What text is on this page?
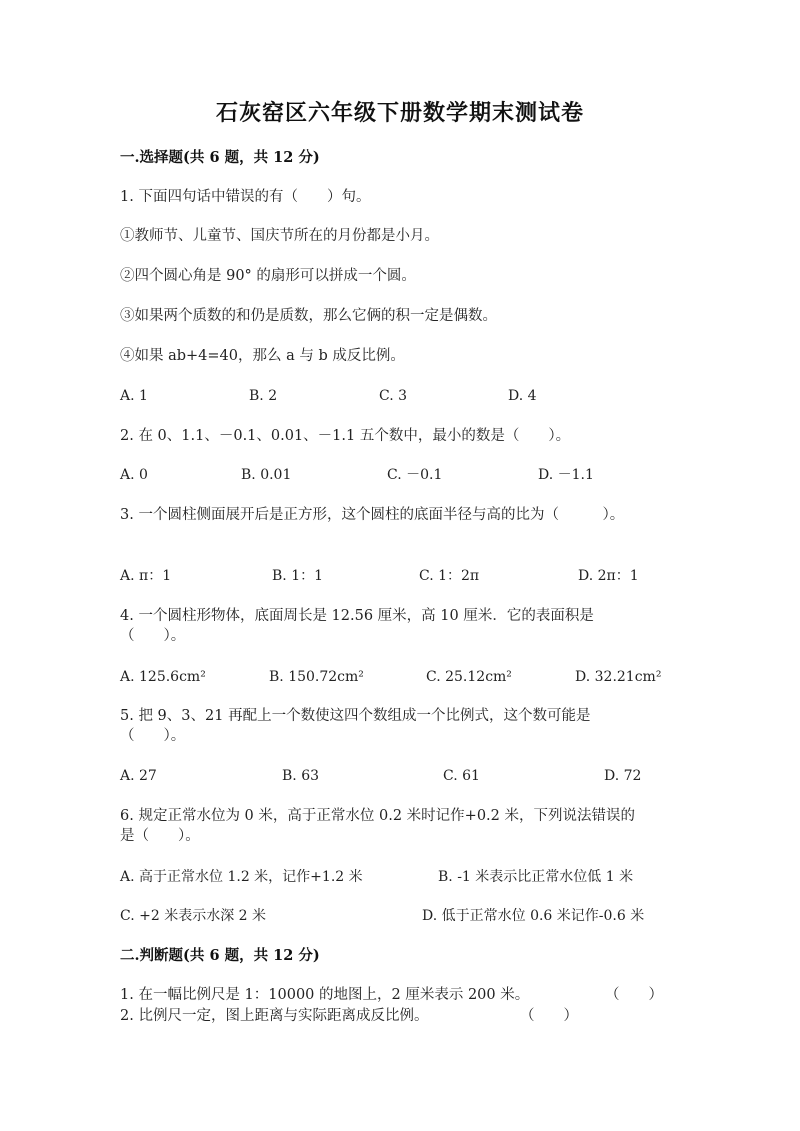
石灰窑区六年级下册数学期末测试卷
一.选择题(共 6 题，共 12 分)
1. 下面四句话中错误的有（　　）句。
①教师节、儿童节、国庆节所在的月份都是小月。
②四个圆心角是 90° 的扇形可以拼成一个圆。
③如果两个质数的和仍是质数，那么它俩的积一定是偶数。
④如果 ab+4=40，那么 a 与 b 成反比例。
A. 1	B. 2	C. 3	D. 4
2. 在 0、1.1、－0.1、0.01、－1.1 五个数中，最小的数是（　　）。
A. 0	B. 0.01	C. －0.1	D. －1.1
3. 一个圆柱侧面展开后是正方形，这个圆柱的底面半径与高的比为（　　　）。
A. π：1	B. 1：1	C. 1：2π	D. 2π：1
4. 一个圆柱形物体，底面周长是 12.56 厘米，高 10 厘米．它的表面积是
（　　）。
A. 125.6cm²	B. 150.72cm²	C. 25.12cm²	D. 32.21cm²
5. 把 9、3、21 再配上一个数使这四个数组成一个比例式，这个数可能是
（　　）。
A. 27	B. 63	C. 61	D. 72
6. 规定正常水位为 0 米，高于正常水位 0.2 米时记作+0.2 米，下列说法错误的
是（　　）。
A. 高于正常水位 1.2 米，记作+1.2 米	B. -1 米表示比正常水位低 1 米
C. +2 米表示水深 2 米	D. 低于正常水位 0.6 米记作-0.6 米
二.判断题(共 6 题，共 12 分)
1. 在一幅比例尺是 1：10000 的地图上，2 厘米表示 200 米。	（　　）
2. 比例尺一定，图上距离与实际距离成反比例。	（　　）
